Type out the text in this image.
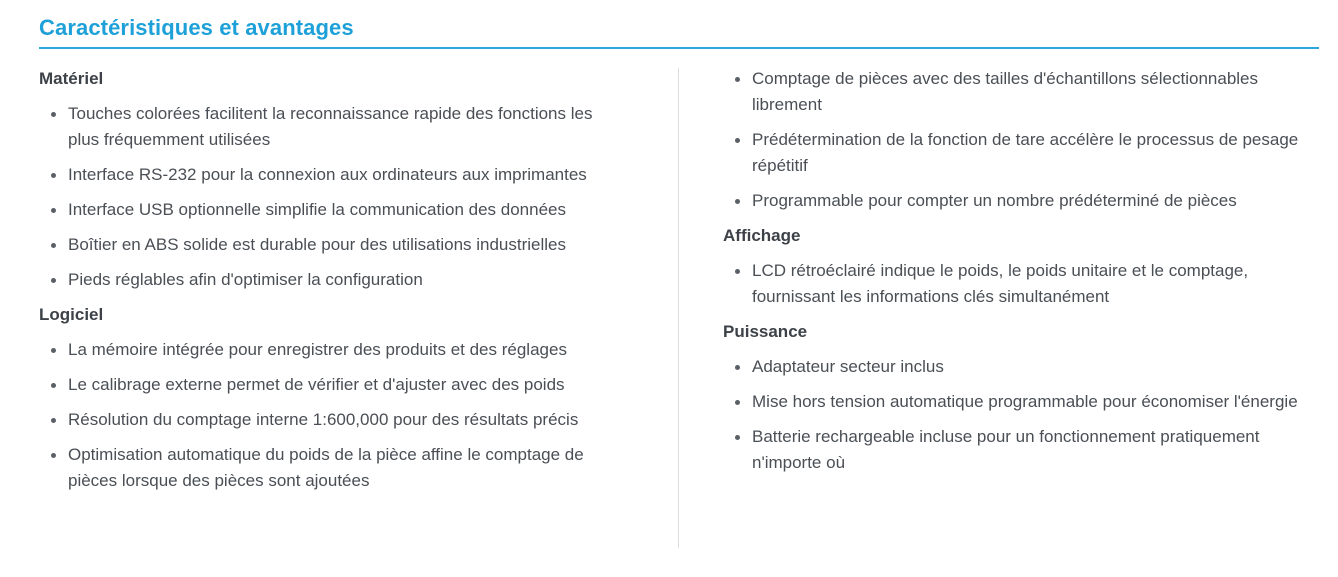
Caractéristiques et avantages
Matériel
Touches colorées facilitent la reconnaissance rapide des fonctions les plus fréquemment utilisées
Interface RS-232 pour la connexion aux ordinateurs aux imprimantes
Interface USB optionnelle simplifie la communication des données
Boîtier en ABS solide est durable pour des utilisations industrielles
Pieds réglables afin d'optimiser la configuration
Logiciel
La mémoire intégrée pour enregistrer des produits et des réglages
Le calibrage externe permet de vérifier et d'ajuster avec des poids
Résolution du comptage interne 1:600,000 pour des résultats précis
Optimisation automatique du poids de la pièce affine le comptage de pièces lorsque des pièces sont ajoutées
Comptage de pièces avec des tailles d'échantillons sélectionnables librement
Prédétermination de la fonction de tare accélère le processus de pesage répétitif
Programmable pour compter un nombre prédéterminé de pièces
Affichage
LCD rétroéclairé indique le poids, le poids unitaire et le comptage, fournissant les informations clés simultanément
Puissance
Adaptateur secteur inclus
Mise hors tension automatique programmable pour économiser l'énergie
Batterie rechargeable incluse pour un fonctionnement pratiquement n'importe où
